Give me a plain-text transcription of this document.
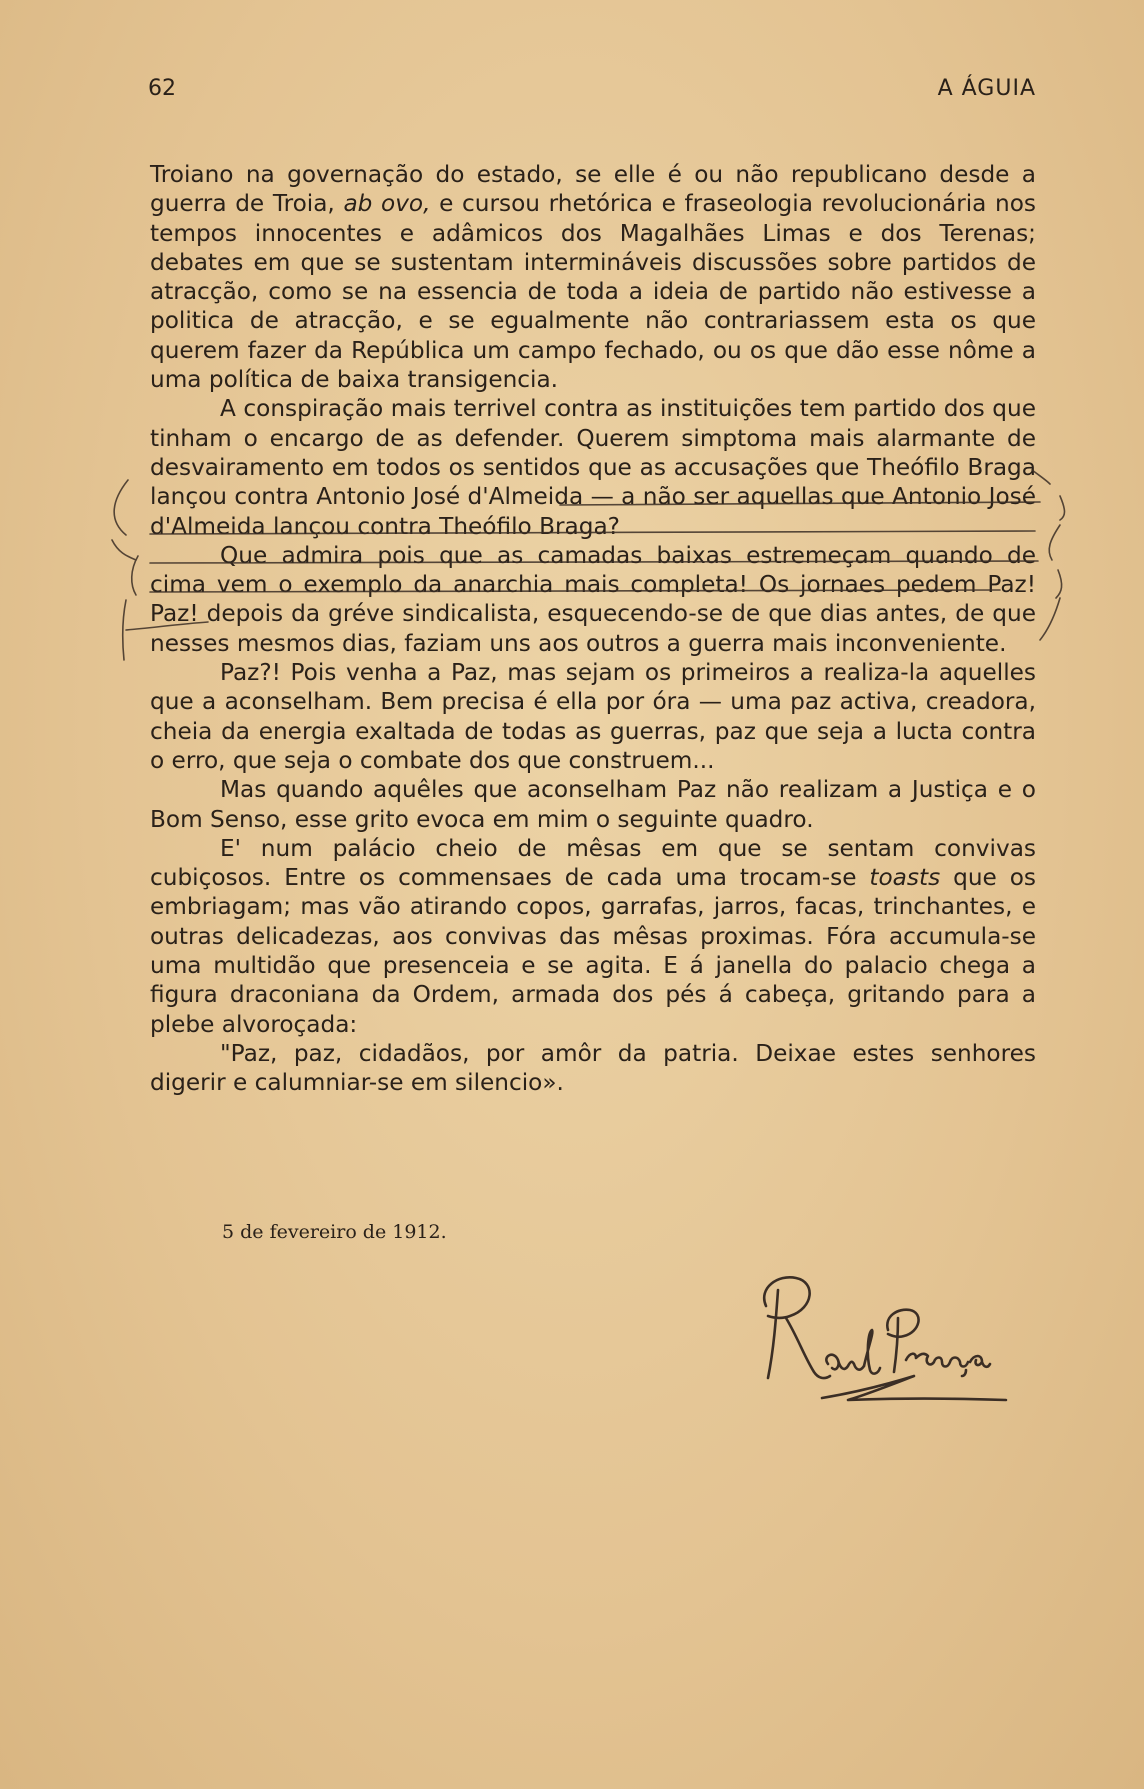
62	A ÁGUIA

Troiano na governação do estado, se elle é ou não republicano desde a guerra de Troia, ab ovo, e cursou rhetórica e fraseologia revolucionária nos tempos innocentes e adâmicos dos Magalhães Limas e dos Terenas; debates em que se sustentam intermináveis discussões sobre partidos de atracção, como se na essencia de toda a ideia de partido não estivesse a politica de atracção, e se egualmente não contrariassem esta os que querem fazer da República um campo fechado, ou os que dão esse nôme a uma política de baixa transigencia.

A conspiração mais terrivel contra as instituições tem partido dos que tinham o encargo de as defender. Querem simptoma mais alarmante de desvairamento em todos os sentidos que as accusações que Theófilo Braga lançou contra Antonio José d'Almeida — a não ser aquellas que Antonio José d'Almeida lançou contra Theófilo Braga?

Que admira pois que as camadas baixas estremeçam quando de cima vem o exemplo da anarchia mais completa! Os jornaes pedem Paz! Paz! depois da gréve sindicalista, esquecendo-se de que dias antes, de que nesses mesmos dias, faziam uns aos outros a guerra mais inconveniente.

Paz?! Pois venha a Paz, mas sejam os primeiros a realiza-la aquelles que a aconselham. Bem precisa é ella por óra — uma paz activa, creadora, cheia da energia exaltada de todas as guerras, paz que seja a lucta contra o erro, que seja o combate dos que construem...

Mas quando aquêles que aconselham Paz não realizam a Justiça e o Bom Senso, esse grito evoca em mim o seguinte quadro.

E' num palácio cheio de mêsas em que se sentam convivas cubiçosos. Entre os commensaes de cada uma trocam-se toasts que os embriagam; mas vão atirando copos, garrafas, jarros, facas, trinchantes, e outras delicadezas, aos convivas das mêsas proximas. Fóra accumula-se uma multidão que presenceia e se agita. E á janella do palacio chega a figura draconiana da Ordem, armada dos pés á cabeça, gritando para a plebe alvoroçada:

"Paz, paz, cidadãos, por amôr da patria. Deixae estes senhores digerir e calumniar-se em silencio».

5 de fevereiro de 1912.
